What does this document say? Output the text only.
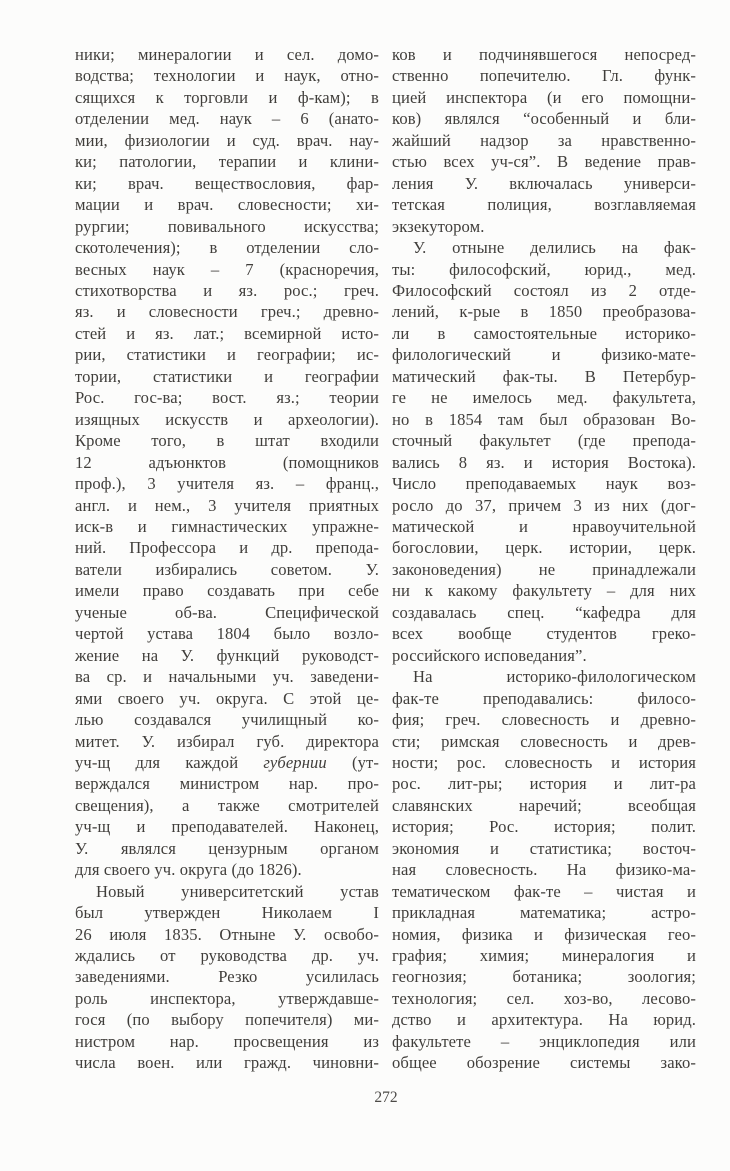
ники; минералогии и сел. домо-
водства; технологии и наук, отно-
сящихся к торговли и ф-кам); в
отделении мед. наук – 6 (анато-
мии, физиологии и суд. врач. нау-
ки; патологии, терапии и клини-
ки; врач. веществословия, фар-
мации и врач. словесности; хи-
рургии; повивального искусства;
скотолечения); в отделении сло-
весных наук – 7 (красноречия,
стихотворства и яз. рос.; греч.
яз. и словесности греч.; древно-
стей и яз. лат.; всемирной исто-
рии, статистики и географии; ис-
тории, статистики и географии
Рос. гос-ва; вост. яз.; теории
изящных искусств и археологии).
Кроме того, в штат входили
12 адъюнктов (помощников
проф.), 3 учителя яз. – франц.,
англ. и нем., 3 учителя приятных
иск-в и гимнастических упражне-
ний. Профессора и др. препода-
ватели избирались советом. У.
имели право создавать при себе
ученые об-ва. Специфической
чертой устава 1804 было возло-
жение на У. функций руководст-
ва ср. и начальными уч. заведени-
ями своего уч. округа. С этой це-
лью создавался училищный ко-
митет. У. избирал губ. директора
уч-щ для каждой губернии (ут-
верждался министром нар. про-
свещения), а также смотрителей
уч-щ и преподавателей. Наконец,
У. являлся цензурным органом
для своего уч. округа (до 1826).
Новый университетский устав
был утвержден Николаем I
26 июля 1835. Отныне У. освобо-
ждались от руководства др. уч.
заведениями. Резко усилилась
роль инспектора, утверждавше-
гося (по выбору попечителя) ми-
нистром нар. просвещения из
числа воен. или гражд. чиновни-
ков и подчинявшегося непосред-
ственно попечителю. Гл. функ-
цией инспектора (и его помощни-
ков) являлся “особенный и бли-
жайший надзор за нравственно-
стью всех уч-ся”. В ведение прав-
ления У. включалась универси-
тетская полиция, возглавляемая
экзекутором.
У. отныне делились на фак-
ты: философский, юрид., мед.
Философский состоял из 2 отде-
лений, к-рые в 1850 преобразова-
ли в самостоятельные историко-
филологический и физико-мате-
матический фак-ты. В Петербур-
ге не имелось мед. факультета,
но в 1854 там был образован Во-
сточный факультет (где препода-
вались 8 яз. и история Востока).
Число преподаваемых наук воз-
росло до 37, причем 3 из них (дог-
матической и нравоучительной
богословии, церк. истории, церк.
законоведения) не принадлежали
ни к какому факультету – для них
создавалась спец. “кафедра для
всех вообще студентов греко-
российского исповедания”.
На историко-филологическом
фак-те преподавались: филосо-
фия; греч. словесность и древно-
сти; римская словесность и древ-
ности; рос. словесность и история
рос. лит-ры; история и лит-ра
славянских наречий; всеобщая
история; Рос. история; полит.
экономия и статистика; восточ-
ная словесность. На физико-ма-
тематическом фак-те – чистая и
прикладная математика; астро-
номия, физика и физическая гео-
графия; химия; минералогия и
геогнозия; ботаника; зоология;
технология; сел. хоз-во, лесово-
дство и архитектура. На юрид.
факультете – энциклопедия или
общее обозрение системы зако-
272
